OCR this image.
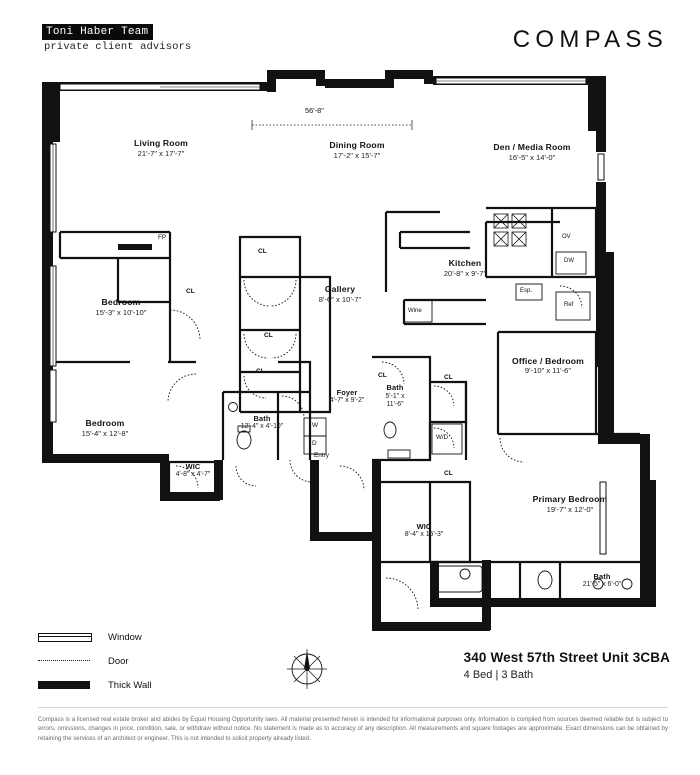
Toni Haber Team
private client advisors	COMPASS
56'-8"
Living Room
21'-7" x 17'-7"
Dining Room
17'-2" x 15'-7"
Den / Media Room
16'-5" x 14'-0"
Bedroom
15'-3" x 10'-10"
Bedroom
15'-4" x 12'-8"
Gallery
8'-6" x 10'-7"
Kitchen
20'-8" x 9'-7"
Office / Bedroom
9'-10" x 11'-6"
Foyer
4'-7" x 9'-2"
Bath
12'-4" x 4'-10"
Bath
5'-1" x 11'-6"
WIC
4'-8" x 4'-7"
WIC
8'-4" x 15'-3"
Primary Bedroom
19'-7" x 12'-0"
Bath
21'-5" x 6'-0"
CL
CL
CL
CL
CL	CL
CL
FP	OV
DW
Ref
Esp.
Wine
W
D
W/D
Entry
Window
Door
Thick Wall
340 West 57th Street Unit 3CBA
4 Bed | 3 Bath
Compass is a licensed real estate broker and abides by Equal Housing Opportunity laws. All material presented herein is intended for informational purposes only. Information is compiled from sources deemed reliable but is subject to errors, omissions, changes in price, condition, sale, or withdraw without notice. No statement is made as to accuracy of any description. All measurements and square footages are approximate. Exact dimensions can be obtained by retaining the services of an architect or engineer. This is not intended to solicit property already listed.
